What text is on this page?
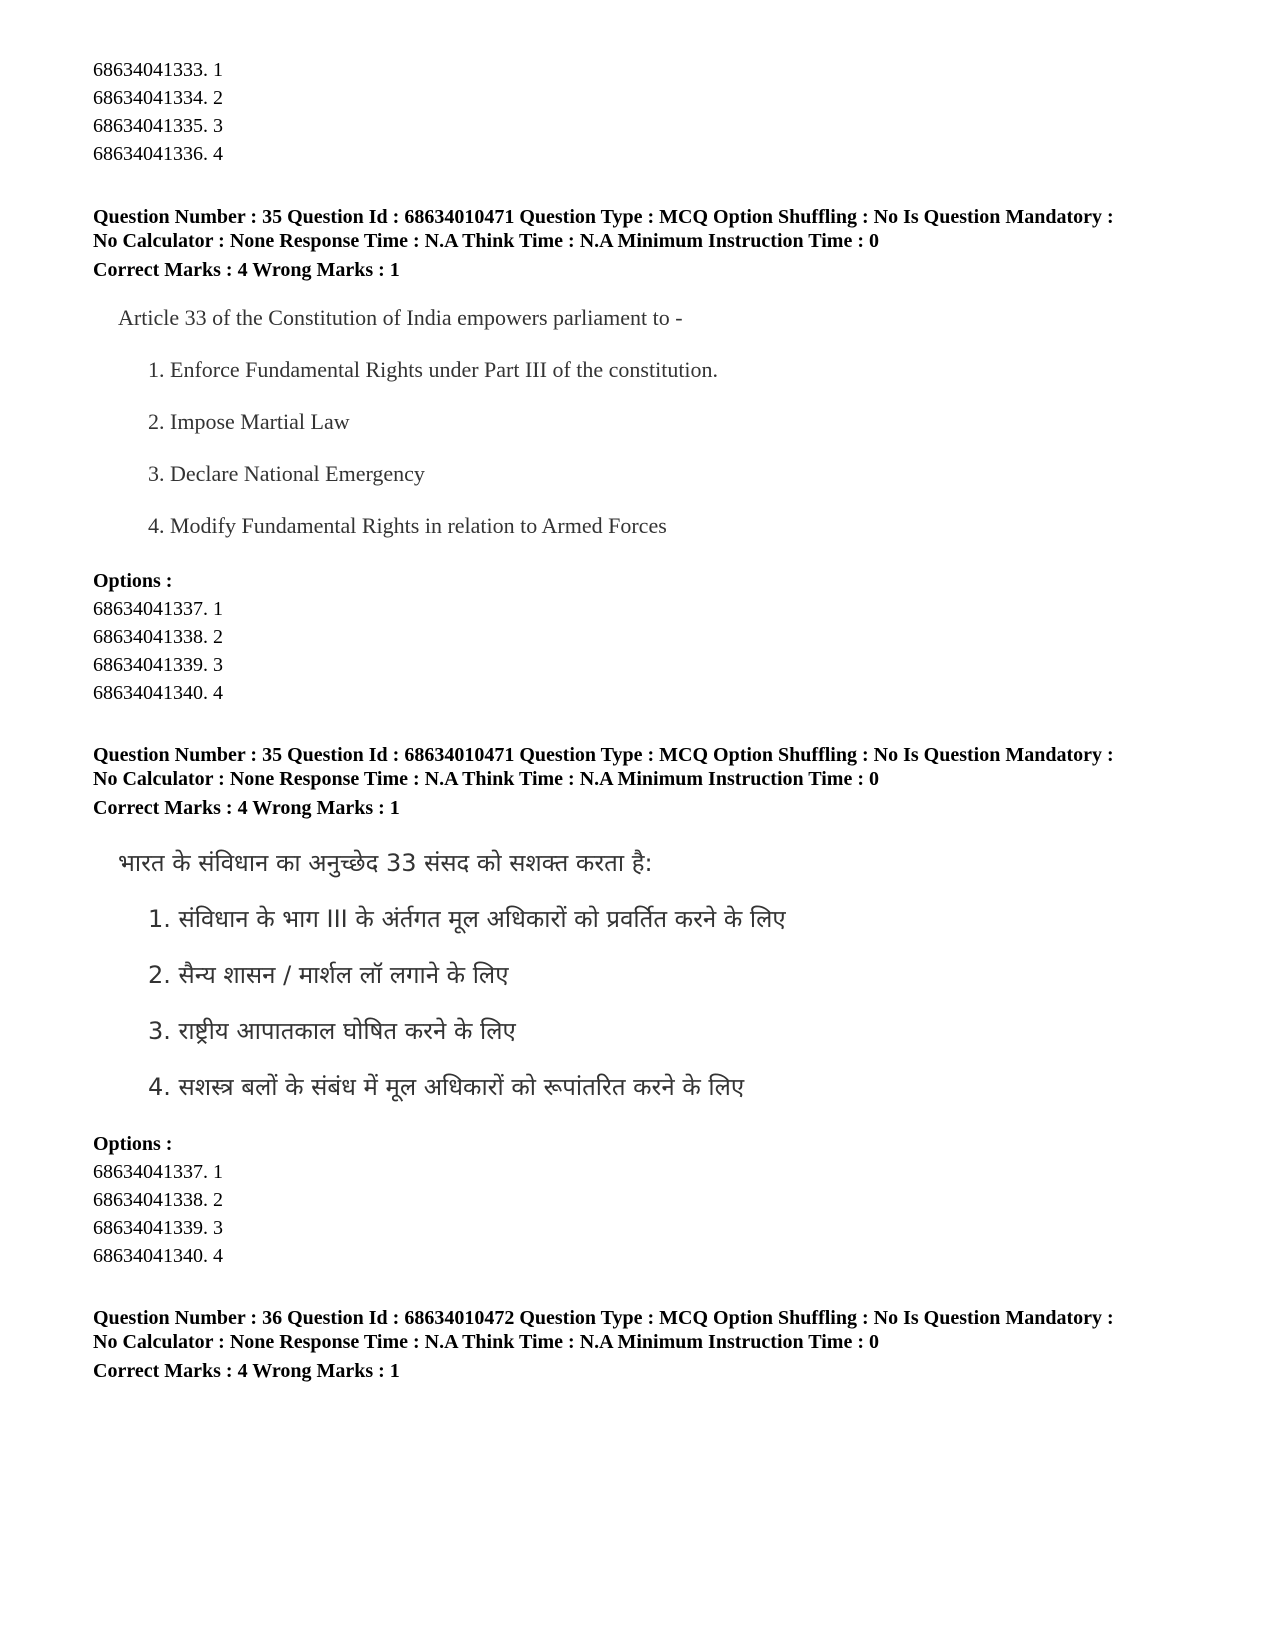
68634041333. 1
68634041334. 2
68634041335. 3
68634041336. 4
Question Number : 35 Question Id : 68634010471 Question Type : MCQ Option Shuffling : No Is Question Mandatory :
No Calculator : None Response Time : N.A Think Time : N.A Minimum Instruction Time : 0
Correct Marks : 4 Wrong Marks : 1
Article 33 of the Constitution of India empowers parliament to -
1. Enforce Fundamental Rights under Part III of the constitution.
2. Impose Martial Law
3. Declare National Emergency
4. Modify Fundamental Rights in relation to Armed Forces
Options :
68634041337. 1
68634041338. 2
68634041339. 3
68634041340. 4
Question Number : 35 Question Id : 68634010471 Question Type : MCQ Option Shuffling : No Is Question Mandatory :
No Calculator : None Response Time : N.A Think Time : N.A Minimum Instruction Time : 0
Correct Marks : 4 Wrong Marks : 1
भारत के संविधान का अनुच्छेद 33 संसद को सशक्त करता है:
1. संविधान के भाग III के अंर्तगत मूल अधिकारों को प्रवर्तित करने के लिए
2. सैन्य शासन / मार्शल लॉ लगाने के लिए
3. राष्ट्रीय आपातकाल घोषित करने के लिए
4. सशस्त्र बलों के संबंध में मूल अधिकारों को रूपांतरित करने के लिए
Options :
68634041337. 1
68634041338. 2
68634041339. 3
68634041340. 4
Question Number : 36 Question Id : 68634010472 Question Type : MCQ Option Shuffling : No Is Question Mandatory :
No Calculator : None Response Time : N.A Think Time : N.A Minimum Instruction Time : 0
Correct Marks : 4 Wrong Marks : 1
